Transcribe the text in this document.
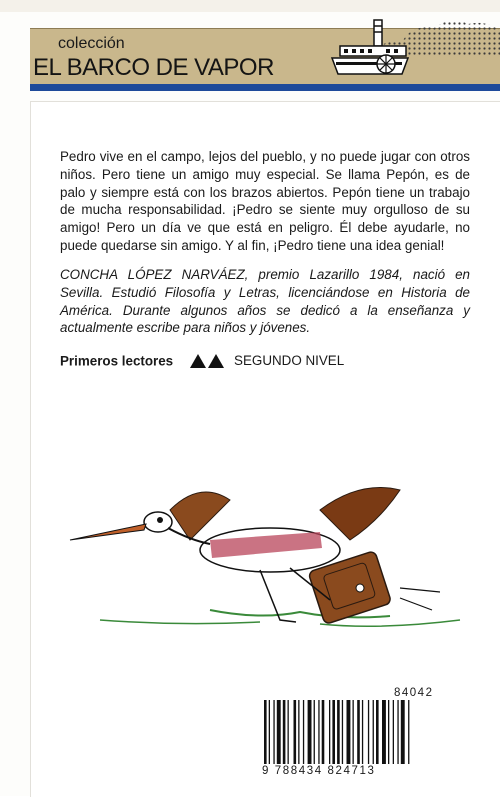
colección
EL BARCO DE VAPOR

Pedro vive en el campo, lejos del pueblo, y no puede jugar con otros niños. Pero tiene un amigo muy especial. Se llama Pepón, es de palo y siempre está con los brazos abiertos. Pepón tiene un trabajo de mucha responsabilidad. ¡Pedro se siente muy orgulloso de su amigo! Pero un día ve que está en peligro. Él debe ayudarle, no puede quedarse sin amigo. Y al fin, ¡Pedro tiene una idea genial!

CONCHA LÓPEZ NARVÁEZ, premio Lazarillo 1984, nació en Sevilla. Estudió Filosofía y Letras, licenciándose en Historia de América. Durante algunos años se dedicó a la enseñanza y actualmente escribe para niños y jóvenes.

Primeros lectores	SEGUNDO NIVEL
84042
9 788434 824713
